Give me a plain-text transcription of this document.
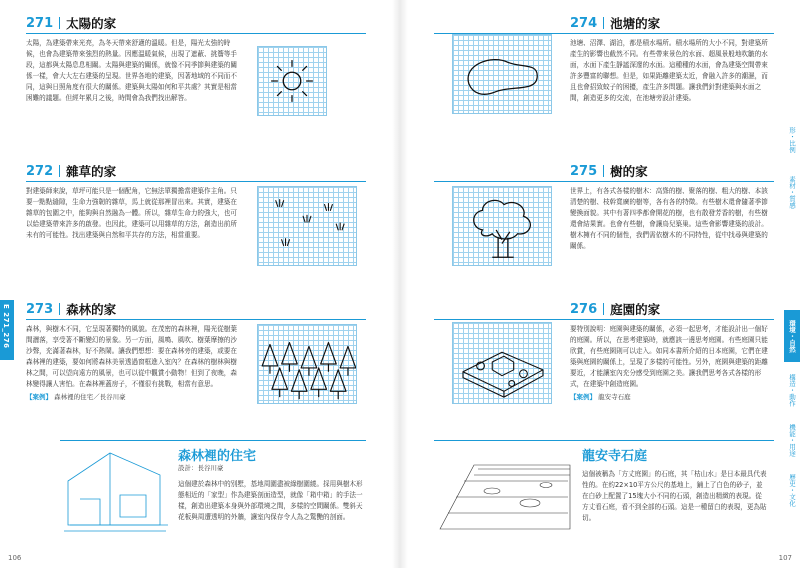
E 271_276
271 太陽的家
太陽，為建築帶來光亮，為冬天帶來舒適的溫暖。但是，陽光太強的時候，也會為建築帶來強烈的熱量。因應温暖氣候，出現了遮蔽、挑簷等手段，這都與太陽息息相關。太陽與建築的關係，就像不同季節與建築的關係一樣，會大大左右建築的呈現。世界各地的建築，因著地域的不同而不同，這與日照角度有很大的關係。建築與太陽如何和平共處？其實是相當困難的議題。但經年累月之後，時間會為我們找出解答。
272 雜草的家
對建築師來說，草坪可能只是一個配角，它無法單獨擔當建築作主角。只要一點點縫隙，生命力強韌的雜草，馬上就從那裡冒出來。其實，建築在雜草的包圍之中，能夠與自然融為一體。所以，雜草生命力的強大，也可以給建築帶來許多的啟發。也因此，建築可以用雜草的方法，創造出前所未有的可能性。找出建築與自然和平共存的方法，相當重要。
273 森林的家
森林，與樹木不同，它呈現著獨特的風貌。在茂密的森林裡，陽光從樹葉間灑落，享受著不斷變幻的景象。另一方面，風鳴、風吹、樹葉摩擦的沙沙聲，充滿著森林，好不熱鬧。讓我們想想：要在森林旁的建築，或要在森林裡的建築，要如何將森林美景透過窗框進入室內？在森林的樹林與樹林之間，可以望向遠方的風景，也可以從中觀賞小動物！但到了夜晚，森林變得讓人害怕。在森林裡蓋房子，不僅很有挑戰，相當有意思。
【案例】 森林裡的住宅／長谷川豪
森林裡的住宅
設計：長谷川豪
這個建於森林中的別墅，基地周圍盡被綠樹圍繞。採用與樹木形態相近的「家型」作為建築剖面造型，就像「箱中箱」的手法一樣，創造出建築本身與外部環境之間，多樣的空間關係。雙斜天花板與周遭透明的外牆，讓室內保存令人為之驚艷的剖面。
106
274 池塘的家
池塘、沼澤、湖泊，都是積水場所。積水場所的大小不同，對建築所產生的影響也截然不同。有些帶來景色的水面、超風景般地吹皺的水面，水面下產生靜謐深邃的水面。這種種的水面，會為建築空間帶來許多豐富的聯想。但是，如果距離建築太近，會融入許多的潮濕，而且也會招致蚊子的困擾，產生許多問題。讓我們針對建築與水面之間，創造更多的交流，在池塘旁設計建築。
275 樹的家
世界上，有各式各樣的樹木：高聳的樹、聚落的樹、粗大的樹、本該清楚的樹、枝幹寬廣的樹等，各有各的特徵。有些樹木還會隨著季節變換面貌。其中有著四季都會開花的樹，也有散發芳香的樹，有些樹還會結果實。也會有些樹，會讓鳥兒築巢。這些會影響建築的設計。樹木擁有不同的個性，我們需依樹木的不同特性，從中找尋與建築的關係。
276 庭園的家
要特別說明：庭園與建築的關係，必須一起思考，才能設計出一個好的庭園。所以，在思考建築時，就應該一邊思考庭園。有些庭園只能欣賞，有些庭園則可以走入。如同本書所介紹的日本庭園，它們在建築與庭園的關係上，呈現了多樣的可能性。另外，庭園與建築的距離要近，才能讓室內充分感受到庭園之美。讓我們思考各式各樣的形式，在建築中創造庭園。
【案例】 龍安寺石庭
龍安寺石庭
這個被稱為「方丈庭園」的石庭，其「枯山水」是日本最具代表性的。在約22×10平方公尺的基地上，鋪上了白色的砂子，並在白砂上配置了15塊大小不同的石頭，創造出精緻的表現。從方丈看石庭，看不到全部的石頭。這是一種留白的表現，更為貼切。
形・比例
素材・質感
環境・自然
構造・動作
機能・用途
歷史・文化
107
